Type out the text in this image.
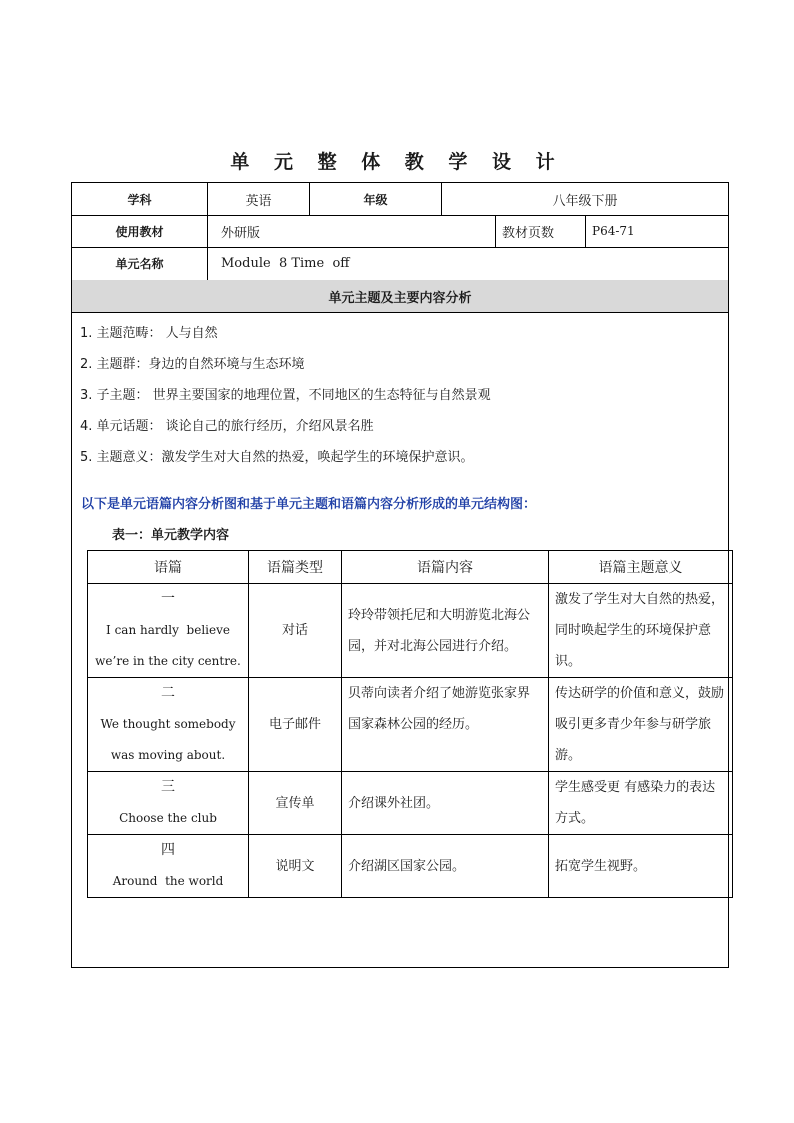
单 元 整 体 教 学 设 计
学科	英语	年级	八年级下册
使用教材	外研版	教材页数	P64-71
单元名称	Module  8 Time  off
单元主题及主要内容分析
1. 主题范畴： 人与自然
2. 主题群：身边的自然环境与生态环境
3. 子主题： 世界主要国家的地理位置，不同地区的生态特征与自然景观
4. 单元话题： 谈论自己的旅行经历，介绍风景名胜
5. 主题意义：激发学生对大自然的热爱，唤起学生的环境保护意识。
以下是单元语篇内容分析图和基于单元主题和语篇内容分析形成的单元结构图：
表一：单元教学内容
语篇	语篇类型	语篇内容	语篇主题意义

一
I can hardly  believe
we’re in the city centre.	对话	玲玲带领托尼和大明游览北海公园，并对北海公园进行介绍。	激发了学生对大自然的热爱，同时唤起学生的环境保护意识。

二
We thought somebody
was moving about.	电子邮件	贝蒂向读者介绍了她游览张家界国家森林公园的经历。	传达研学的价值和意义，鼓励吸引更多青少年参与研学旅游。

三
Choose the club	宣传单	介绍课外社团。	学生感受更 有感染力的表达方式。

四
Around  the world	说明文	介绍湖区国家公园。	拓宽学生视野。
